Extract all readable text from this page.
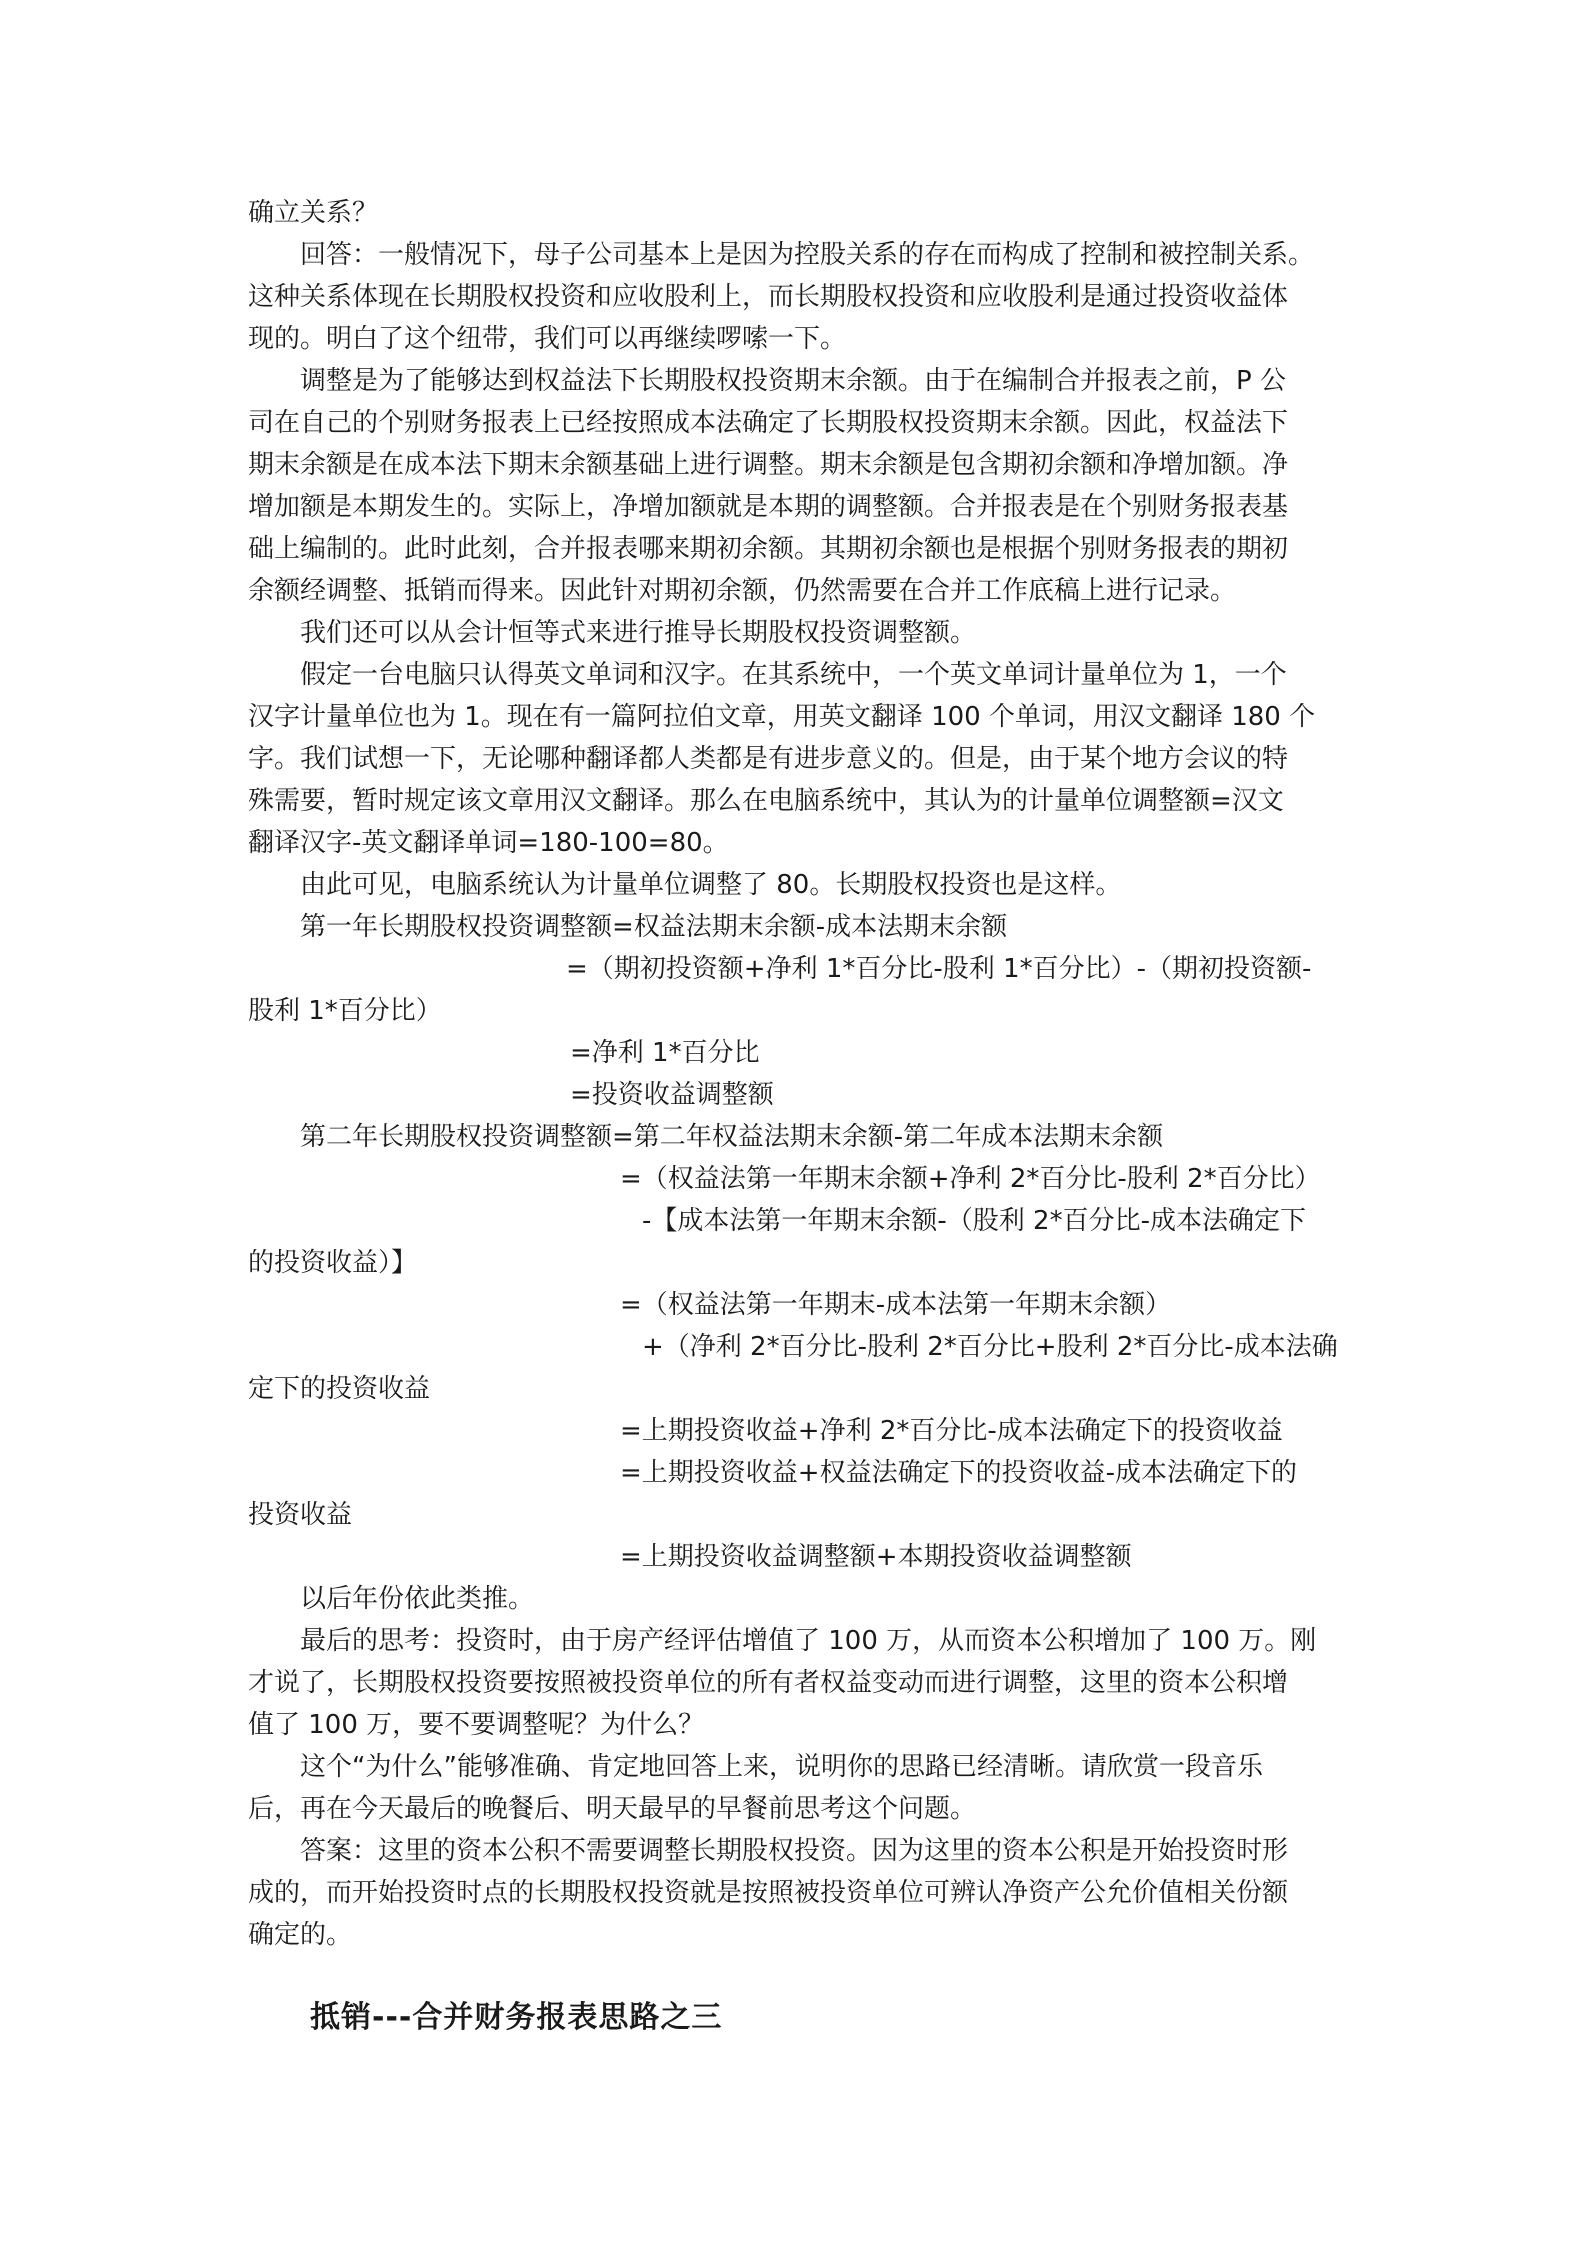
确立关系？
回答：一般情况下，母子公司基本上是因为控股关系的存在而构成了控制和被控制关系。
这种关系体现在长期股权投资和应收股利上，而长期股权投资和应收股利是通过投资收益体
现的。明白了这个纽带，我们可以再继续啰嗦一下。
调整是为了能够达到权益法下长期股权投资期末余额。由于在编制合并报表之前，P 公
司在自己的个别财务报表上已经按照成本法确定了长期股权投资期末余额。因此，权益法下
期末余额是在成本法下期末余额基础上进行调整。期末余额是包含期初余额和净增加额。净
增加额是本期发生的。实际上，净增加额就是本期的调整额。合并报表是在个别财务报表基
础上编制的。此时此刻，合并报表哪来期初余额。其期初余额也是根据个别财务报表的期初
余额经调整、抵销而得来。因此针对期初余额，仍然需要在合并工作底稿上进行记录。
我们还可以从会计恒等式来进行推导长期股权投资调整额。
假定一台电脑只认得英文单词和汉字。在其系统中，一个英文单词计量单位为 1，一个
汉字计量单位也为 1。现在有一篇阿拉伯文章，用英文翻译 100 个单词，用汉文翻译 180 个
字。我们试想一下，无论哪种翻译都人类都是有进步意义的。但是，由于某个地方会议的特
殊需要，暂时规定该文章用汉文翻译。那么在电脑系统中，其认为的计量单位调整额=汉文
翻译汉字-英文翻译单词=180-100=80。
由此可见，电脑系统认为计量单位调整了 80。长期股权投资也是这样。
第一年长期股权投资调整额=权益法期末余额-成本法期末余额
=（期初投资额+净利 1*百分比-股利 1*百分比）-（期初投资额-
股利 1*百分比）
=净利 1*百分比
=投资收益调整额
第二年长期股权投资调整额=第二年权益法期末余额-第二年成本法期末余额
=（权益法第一年期末余额+净利 2*百分比-股利 2*百分比）
-【成本法第一年期末余额-（股利 2*百分比-成本法确定下
的投资收益）】
=（权益法第一年期末-成本法第一年期末余额）
+（净利 2*百分比-股利 2*百分比+股利 2*百分比-成本法确
定下的投资收益
=上期投资收益+净利 2*百分比-成本法确定下的投资收益
=上期投资收益+权益法确定下的投资收益-成本法确定下的
投资收益
=上期投资收益调整额+本期投资收益调整额
以后年份依此类推。
最后的思考：投资时，由于房产经评估增值了 100 万，从而资本公积增加了 100 万。刚
才说了，长期股权投资要按照被投资单位的所有者权益变动而进行调整，这里的资本公积增
值了 100 万，要不要调整呢？为什么？
这个“为什么”能够准确、肯定地回答上来，说明你的思路已经清晰。请欣赏一段音乐
后，再在今天最后的晚餐后、明天最早的早餐前思考这个问题。
答案：这里的资本公积不需要调整长期股权投资。因为这里的资本公积是开始投资时形
成的，而开始投资时点的长期股权投资就是按照被投资单位可辨认净资产公允价值相关份额
确定的。
抵销---合并财务报表思路之三
